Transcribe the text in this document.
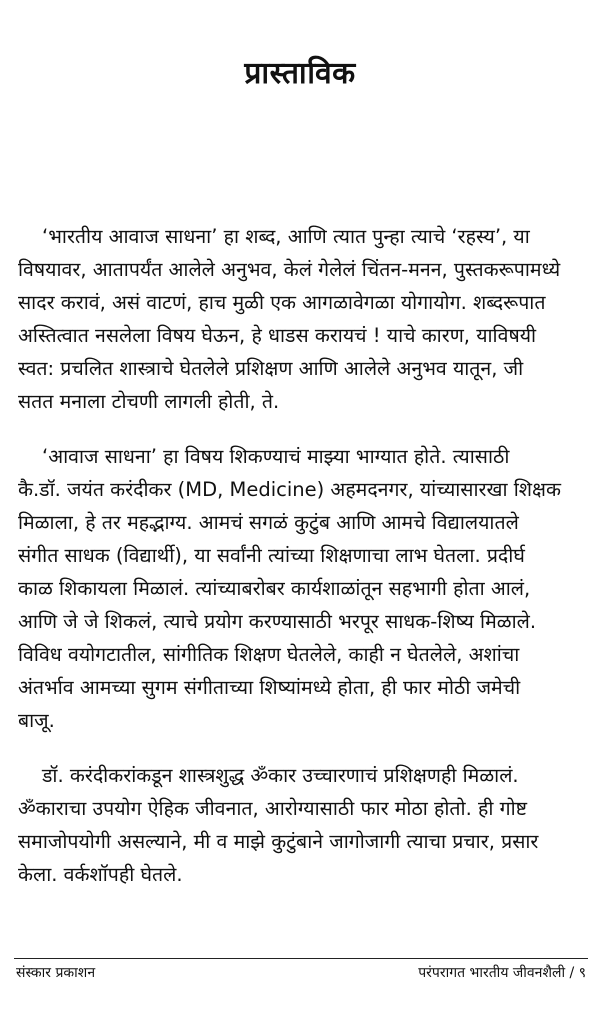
प्रास्ताविक
‘भारतीय आवाज साधना’ हा शब्द, आणि त्यात पुन्हा त्याचे ‘रहस्य’, या
विषयावर, आतापर्यंत आलेले अनुभव, केलं गेलेलं चिंतन-मनन, पुस्तकरूपामध्ये
सादर करावं, असं वाटणं, हाच मुळी एक आगळावेगळा योगायोग. शब्दरूपात
अस्तित्वात नसलेला विषय घेऊन, हे धाडस करायचं ! याचे कारण, याविषयी
स्वत: प्रचलित शास्त्राचे घेतलेले प्रशिक्षण आणि आलेले अनुभव यातून, जी
सतत मनाला टोचणी लागली होती, ते.
‘आवाज साधना’ हा विषय शिकण्याचं माझ्या भाग्यात होते. त्यासाठी
कै.डॉ. जयंत करंदीकर (MD, Medicine) अहमदनगर, यांच्यासारखा शिक्षक
मिळाला, हे तर महद्भाग्य. आमचं सगळं कुटुंब आणि आमचे विद्यालयातले
संगीत साधक (विद्यार्थी), या सर्वांनी त्यांच्या शिक्षणाचा लाभ घेतला. प्रदीर्घ
काळ शिकायला मिळालं. त्यांच्याबरोबर कार्यशाळांतून सहभागी होता आलं,
आणि जे जे शिकलं, त्याचे प्रयोग करण्यासाठी भरपूर साधक-शिष्य मिळाले.
विविध वयोगटातील, सांगीतिक शिक्षण घेतलेले, काही न घेतलेले, अशांचा
अंतर्भाव आमच्या सुगम संगीताच्या शिष्यांमध्ये होता, ही फार मोठी जमेची
बाजू.
डॉ. करंदीकरांकडून शास्त्रशुद्ध ॐकार उच्चारणाचं प्रशिक्षणही मिळालं.
ॐकाराचा उपयोग ऐहिक जीवनात, आरोग्यासाठी फार मोठा होतो. ही गोष्ट
समाजोपयोगी असल्याने, मी व माझे कुटुंबाने जागोजागी त्याचा प्रचार, प्रसार
केला. वर्कशॉपही घेतले.
संस्कार प्रकाशन	परंपरागत भारतीय जीवनशैली / ९
